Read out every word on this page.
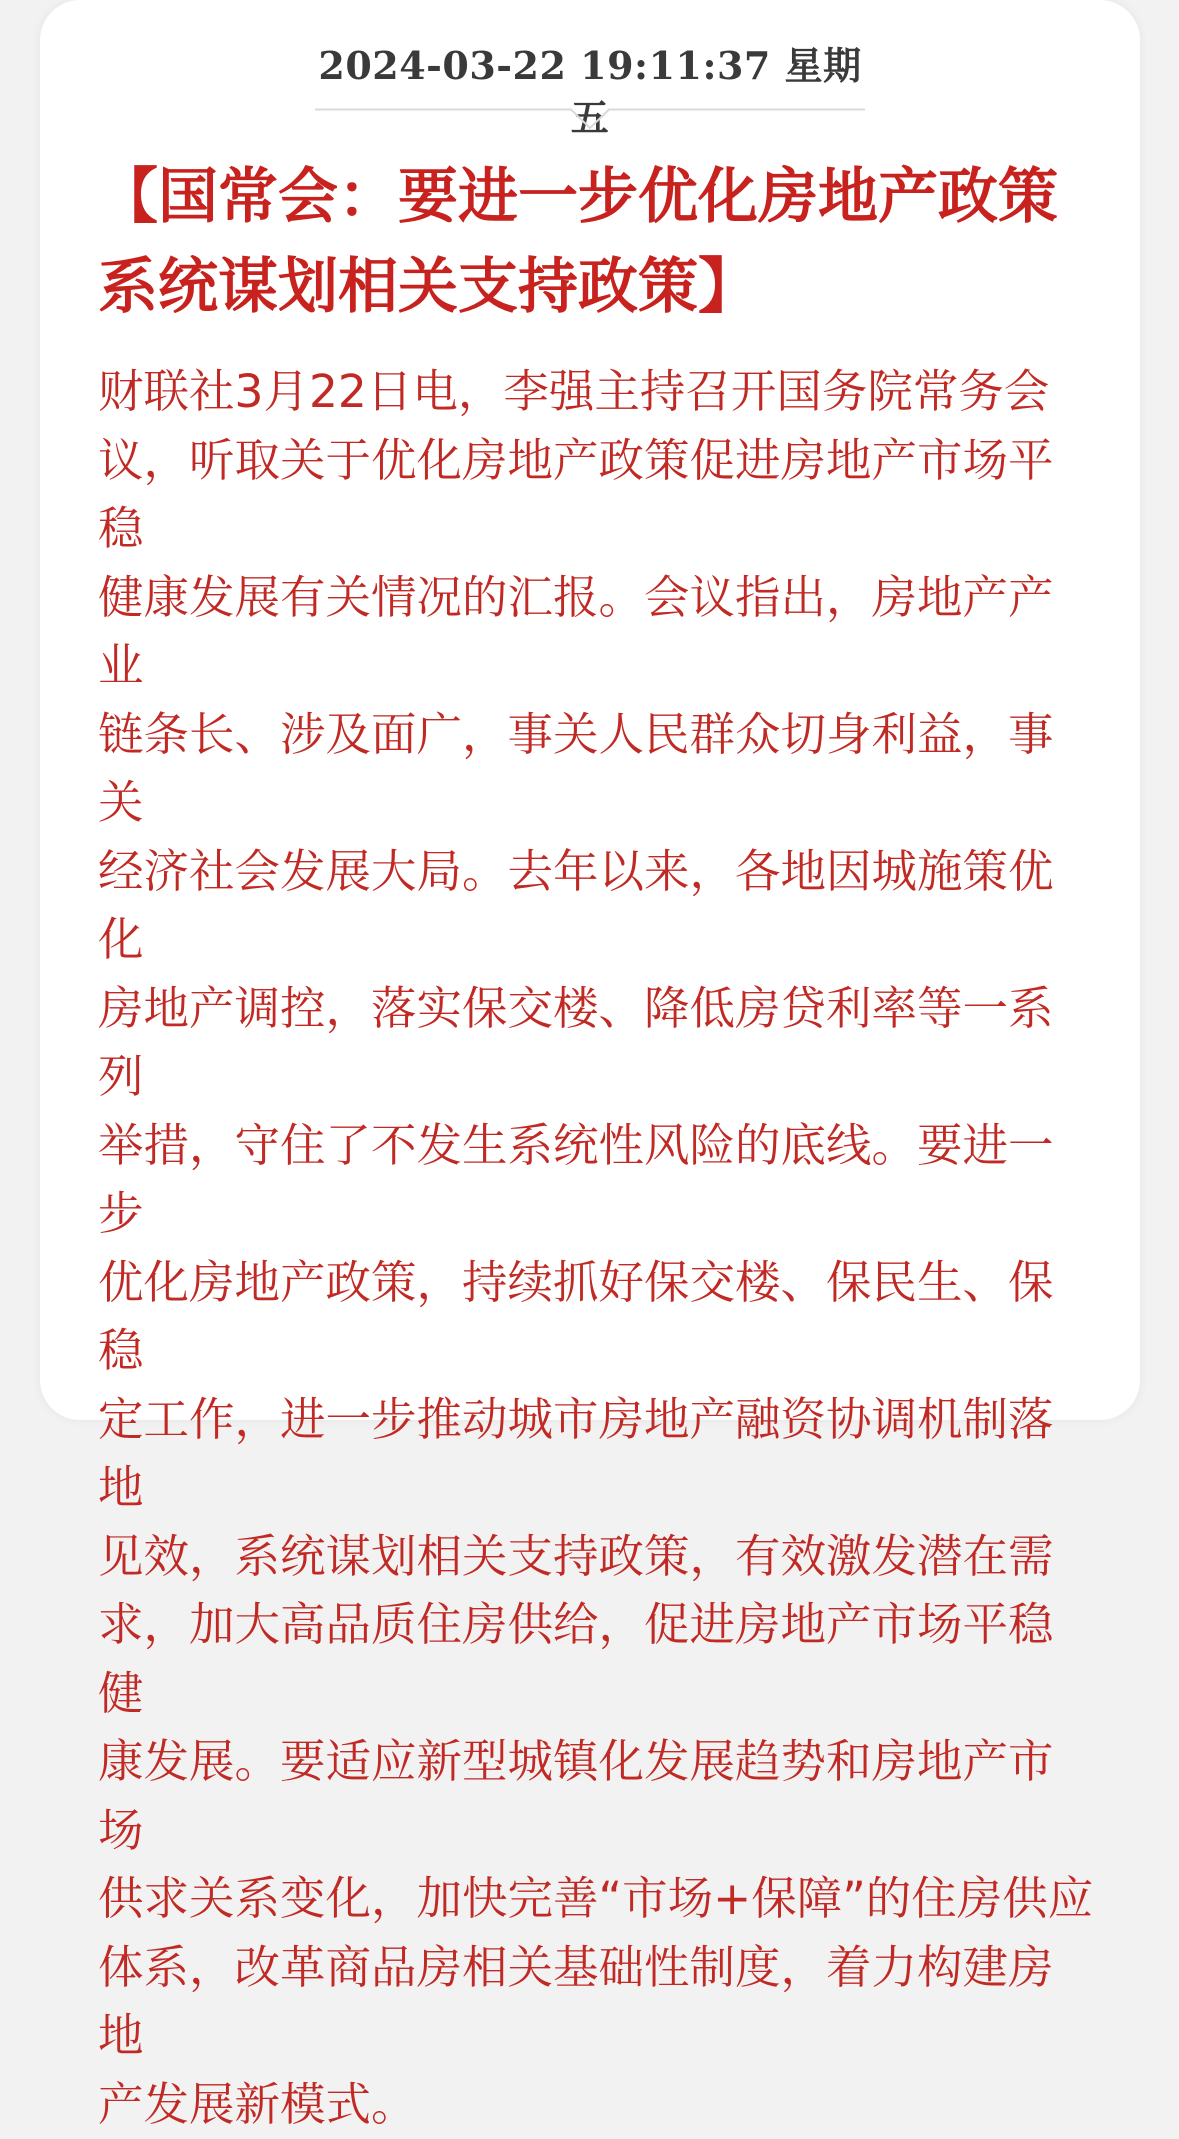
2024-03-22 19:11:37 星期五
【国常会：要进一步优化房地产政策
系统谋划相关支持政策】

财联社3月22日电，李强主持召开国务院常务会
议，听取关于优化房地产政策促进房地产市场平稳
健康发展有关情况的汇报。会议指出，房地产产业
链条长、涉及面广，事关人民群众切身利益，事关
经济社会发展大局。去年以来，各地因城施策优化
房地产调控，落实保交楼、降低房贷利率等一系列
举措，守住了不发生系统性风险的底线。要进一步
优化房地产政策，持续抓好保交楼、保民生、保稳
定工作，进一步推动城市房地产融资协调机制落地
见效，系统谋划相关支持政策，有效激发潜在需
求，加大高品质住房供给，促进房地产市场平稳健
康发展。要适应新型城镇化发展趋势和房地产市场
供求关系变化，加快完善“市场+保障”的住房供应
体系，改革商品房相关基础性制度，着力构建房地
产发展新模式。
